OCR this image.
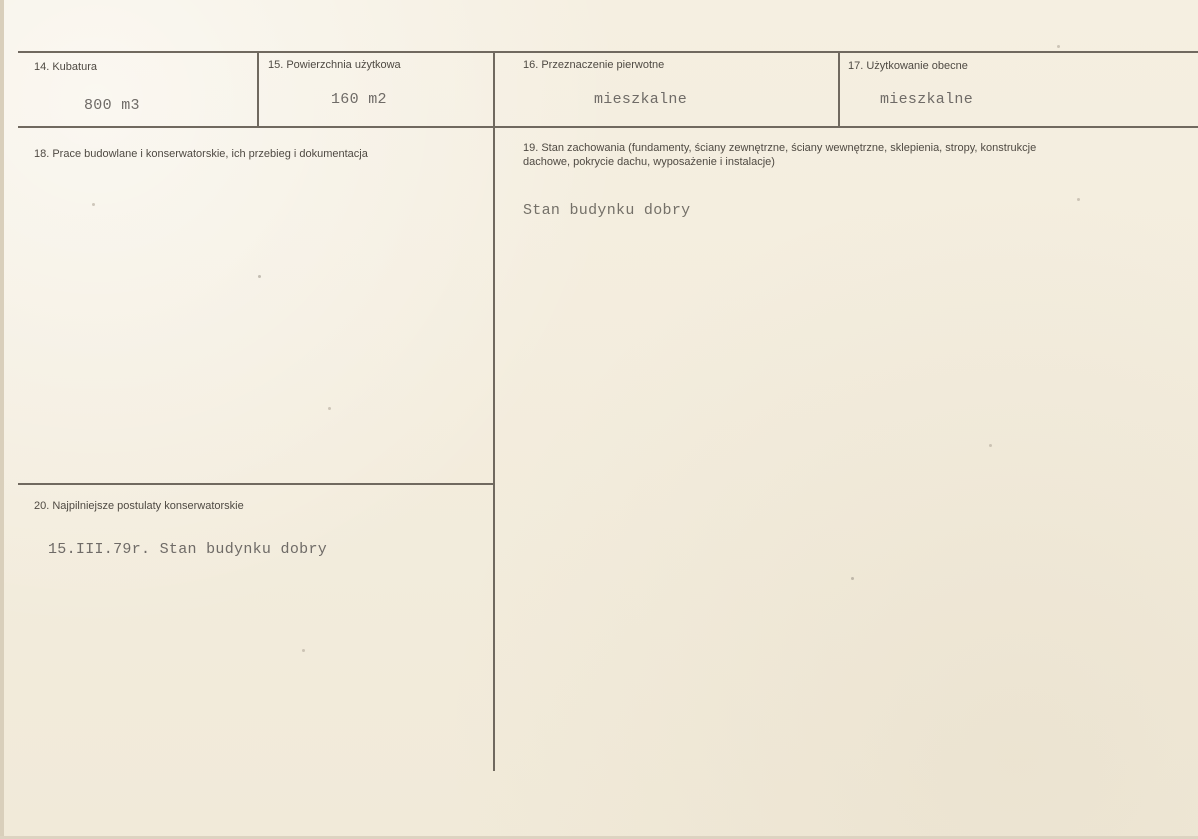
14. Kubatura
800 m3
15. Powierzchnia użytkowa
160 m2
16. Przeznaczenie pierwotne
mieszkalne
17. Użytkowanie obecne
mieszkalne
18. Prace budowlane i konserwatorskie, ich przebieg i dokumentacja	19. Stan zachowania (fundamenty, ściany zewnętrzne, ściany wewnętrzne, sklepienia, stropy, konstrukcje dachowe, pokrycie dachu, wyposażenie i instalacje)
Stan budynku dobry
20. Najpilniejsze postulaty konserwatorskie
15.III.79r. Stan budynku dobry
